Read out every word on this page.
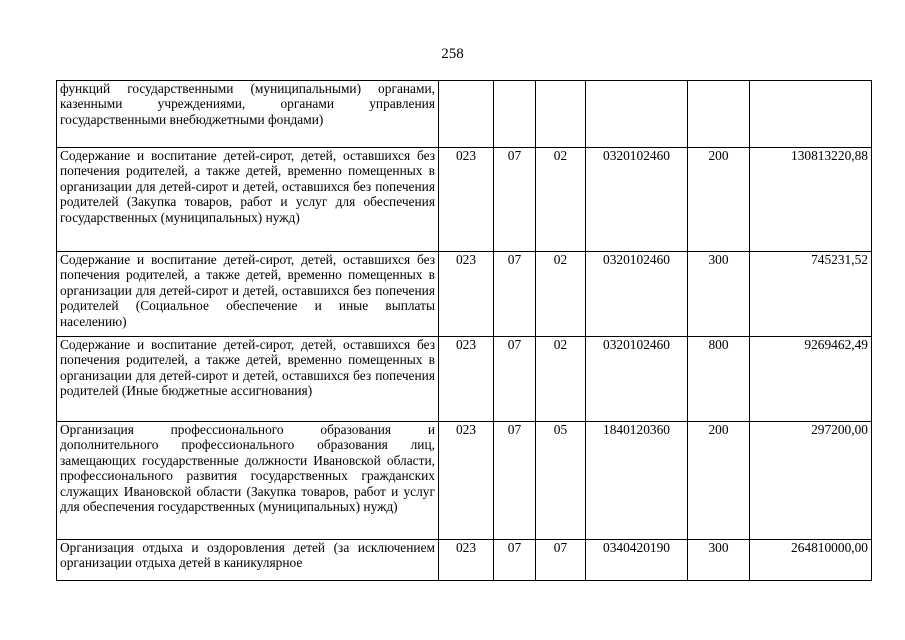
258
функций государственными (муниципальными) органами, казенными учреждениями, органами управления государственными внебюджетными фондами)						
Содержание и воспитание детей-сирот, детей, оставшихся без попечения родителей, а также детей, временно помещенных в организации для детей-сирот и детей, оставшихся без попечения родителей (Закупка товаров, работ и услуг для обеспечения государственных (муниципальных) нужд)	023	07	02	0320102460	200	130813220,88
Содержание и воспитание детей-сирот, детей, оставшихся без попечения родителей, а также детей, временно помещенных в организации для детей-сирот и детей, оставшихся без попечения родителей (Социальное обеспечение и иные выплаты населению)	023	07	02	0320102460	300	745231,52
Содержание и воспитание детей-сирот, детей, оставшихся без попечения родителей, а также детей, временно помещенных в организации для детей-сирот и детей, оставшихся без попечения родителей (Иные бюджетные ассигнования)	023	07	02	0320102460	800	9269462,49
Организация профессионального образования и дополнительного профессионального образования лиц, замещающих государственные должности Ивановской области, профессионального развития государственных гражданских служащих Ивановской области (Закупка товаров, работ и услуг для обеспечения государственных (муниципальных) нужд)	023	07	05	1840120360	200	297200,00
Организация отдыха и оздоровления детей (за исключением организации отдыха детей в каникулярное	023	07	07	0340420190	300	264810000,00
